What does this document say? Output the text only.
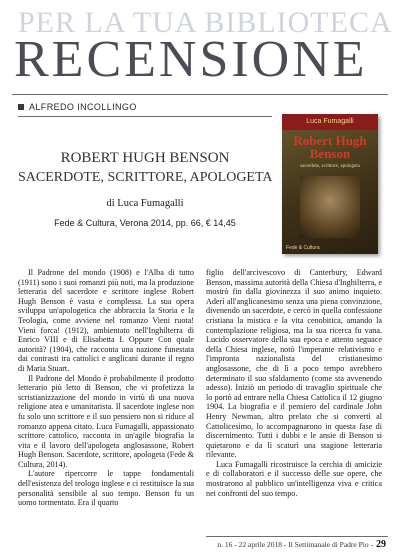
PER LA TUA BIBLIOTECA
RECENSIONE
ALFREDO INCOLLINGO
ROBERT HUGH BENSON
SACERDOTE, SCRITTORE, APOLOGETA
di Luca Fumagalli
Fede & Cultura, Verona 2014, pp. 66, € 14,45
Luca Fumagalli
Robert Hugh
Benson
sacerdote, scrittore, apologeta
Fede & Cultura

Il Padrone del mondo (1908) e l'Alba di tutto (1911) sono i suoi romanzi più noti, ma la produzione letteraria del sacerdote e scrittore inglese Robert Hugh Benson è vasta e complessa. La sua opera sviluppa un'apologetica che abbraccia la Storia e la Teologia, come avviene nel romanzo Vieni ruota! Vieni forca! (1912), ambientato nell'Inghilterra di Enrico VIII e di Elisabetta I. Oppure Con quale autorità? (1904), che racconta una nazione funestata dai contrasti tra cattolici e anglicani durante il regno di Maria Stuart.

Il Padrone del Mondo è probabilmente il prodotto letterario più letto di Benson, che vi profetizza la scristianizzazione del mondo in virtù di una nuova religione atea e umanitarista. Il sacerdote inglese non fu solo uno scrittore e il suo pensiero non si riduce al romanzo appena citato. Luca Fumagalli, appassionato scrittore cattolico, racconta in un'agile biografia la vita e il lavoro dell'apologeta anglosassone, Robert Hugh Benson. Sacerdote, scrittore, apologeta (Fede & Cultura, 2014).

L'autore ripercorre le tappe fondamentali dell'esistenza del teologo inglese e ci restituisce la sua personalità sensibile al suo tempo. Benson fu un uomo tormentato. Era il quarto

figlio dell'arcivescovo di Canterbury, Edward Benson, massima autorità della Chiesa d'Inghilterra, e mostrò fin dalla giovinezza il suo animo inquieto. Aderì all'anglicanesimo senza una piena convinzione, divenendo un sacerdote, e cercò in quella confessione cristiana la mistica e la vita cenobitica, amando la contemplazione religiosa, ma la sua ricerca fu vana. Lucido osservatore della sua epoca e attento seguace della Chiesa inglese, notò l'imperante relativismo e l'impronta nazionalista del cristianesimo anglosassone, che di lì a poco tempo avrebbero determinato il suo sfaldamento (come sta avvenendo adesso). Iniziò un periodo di travaglio spirituale che lo portò ad entrare nella Chiesa Cattolica il 12 giugno 1904. La biografia e il pensiero del cardinale John Henry Newman, altro prelato che si convertì al Cattolicesimo, lo accompagnarono in questa fase di discernimento. Tutti i dubbi e le ansie di Benson si quietarono e da lì scaturì una stagione letteraria rilevante.

Luca Fumagalli ricostruisce la cerchia di amicizie e di collaboratori e il successo delle sue opere, che mostrarono al pubblico un'intelligenza viva e critica nei confronti del suo tempo.

n. 16 - 22 aprile 2018 - Il Settimanale di Padre Pio - 29
